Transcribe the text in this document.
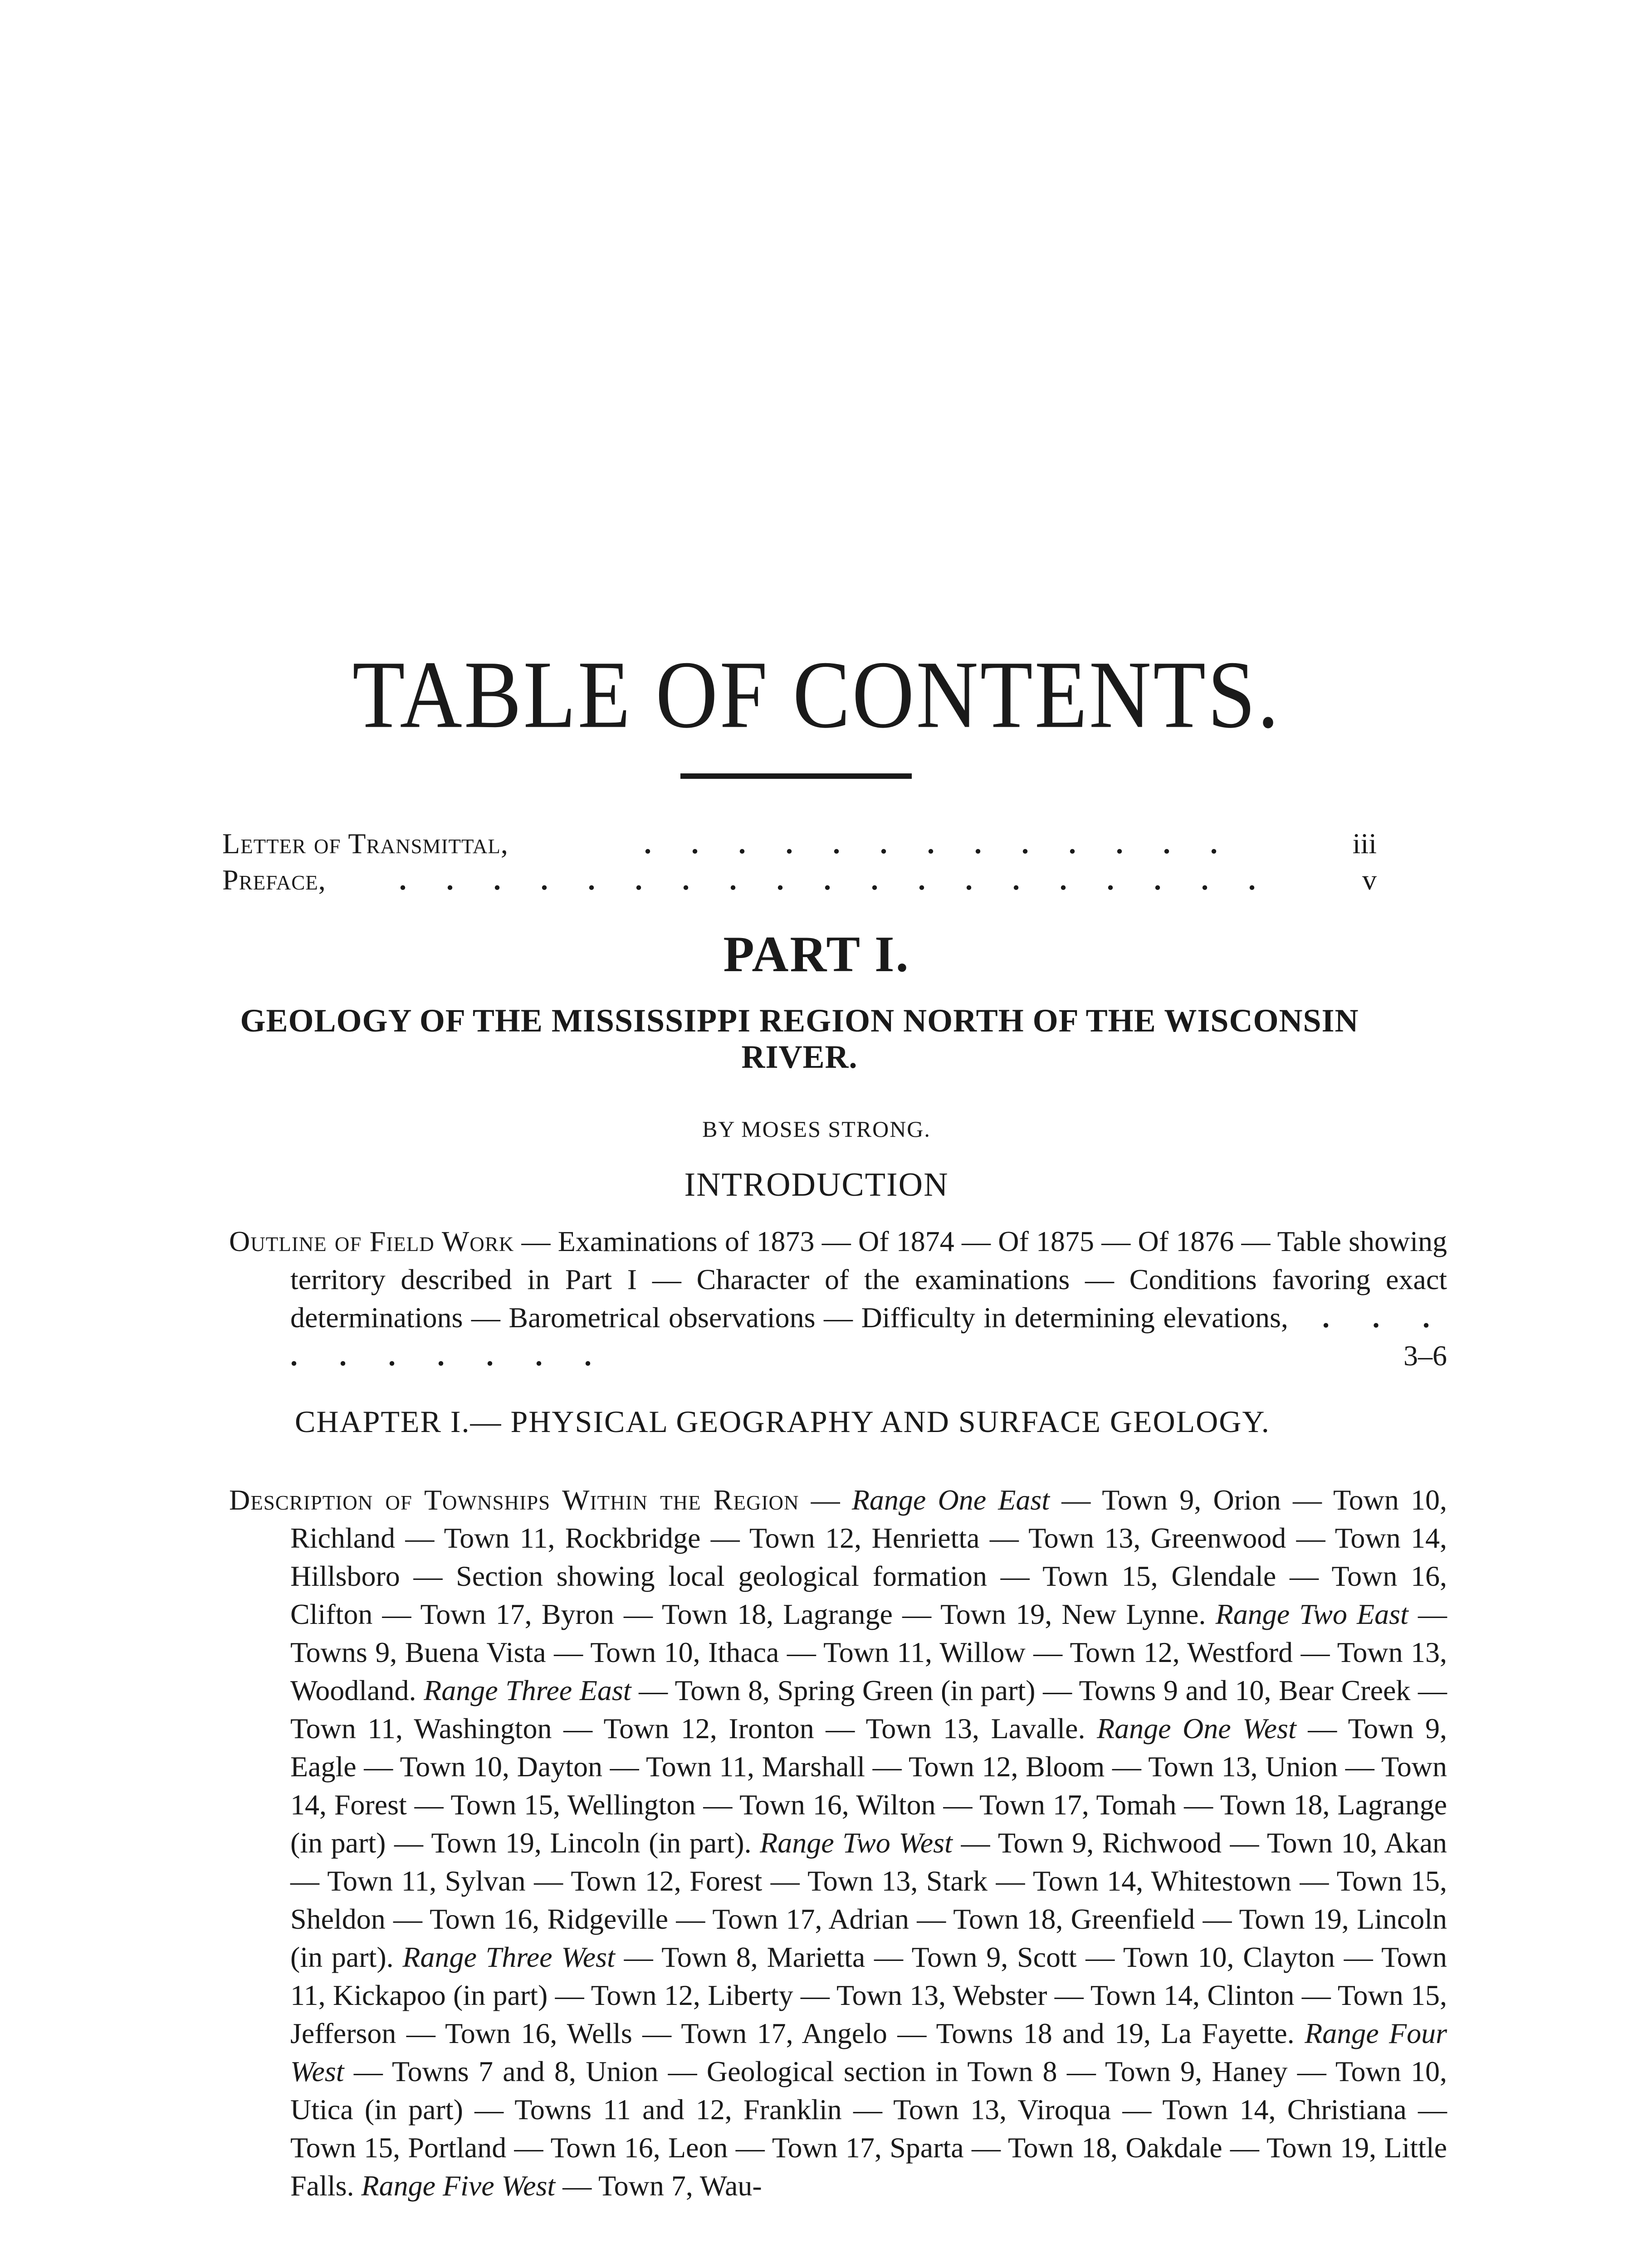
TABLE OF CONTENTS.
Letter of Transmittal,	. . . . . . . . . . . . .	iii
Preface,	. . . . . . . . . . . . . . . . . . .	v
PART I.
GEOLOGY OF THE MISSISSIPPI REGION NORTH OF THE WISCONSIN RIVER.
BY MOSES STRONG.
INTRODUCTION
Outline of Field Work — Examinations of 1873 — Of 1874 — Of 1875 — Of 1876 — Table showing territory described in Part I — Character of the examinations — Conditions favoring exact determinations — Barometrical observations — Difficulty in determining elevations,  . . . . . . . . . .	3–6
CHAPTER I.— PHYSICAL GEOGRAPHY AND SURFACE GEOLOGY.
Description of Townships Within the Region — Range One East — Town 9, Orion — Town 10, Richland — Town 11, Rockbridge — Town 12, Henrietta — Town 13, Greenwood — Town 14, Hillsboro — Section showing local geological formation — Town 15, Glendale — Town 16, Clifton — Town 17, Byron — Town 18, Lagrange — Town 19, New Lynne. Range Two East — Towns 9, Buena Vista — Town 10, Ithaca — Town 11, Willow — Town 12, Westford — Town 13, Woodland. Range Three East — Town 8, Spring Green (in part) — Towns 9 and 10, Bear Creek — Town 11, Washington — Town 12, Ironton — Town 13, Lavalle. Range One West — Town 9, Eagle — Town 10, Dayton — Town 11, Marshall — Town 12, Bloom — Town 13, Union — Town 14, Forest — Town 15, Wellington — Town 16, Wilton — Town 17, Tomah — Town 18, Lagrange (in part) — Town 19, Lincoln (in part). Range Two West — Town 9, Richwood — Town 10, Akan — Town 11, Sylvan — Town 12, Forest — Town 13, Stark — Town 14, Whitestown — Town 15, Sheldon — Town 16, Ridgeville — Town 17, Adrian — Town 18, Greenfield — Town 19, Lincoln (in part). Range Three West — Town 8, Marietta — Town 9, Scott — Town 10, Clayton — Town 11, Kickapoo (in part) — Town 12, Liberty — Town 13, Webster — Town 14, Clinton — Town 15, Jefferson — Town 16, Wells — Town 17, Angelo — Towns 18 and 19, La Fayette. Range Four West — Towns 7 and 8, Union — Geological section in Town 8 — Town 9, Haney — Town 10, Utica (in part) — Towns 11 and 12, Franklin — Town 13, Viroqua — Town 14, Christiana — Town 15, Portland — Town 16, Leon — Town 17, Sparta — Town 18, Oakdale — Town 19, Little Falls. Range Five West — Town 7, Wau-
